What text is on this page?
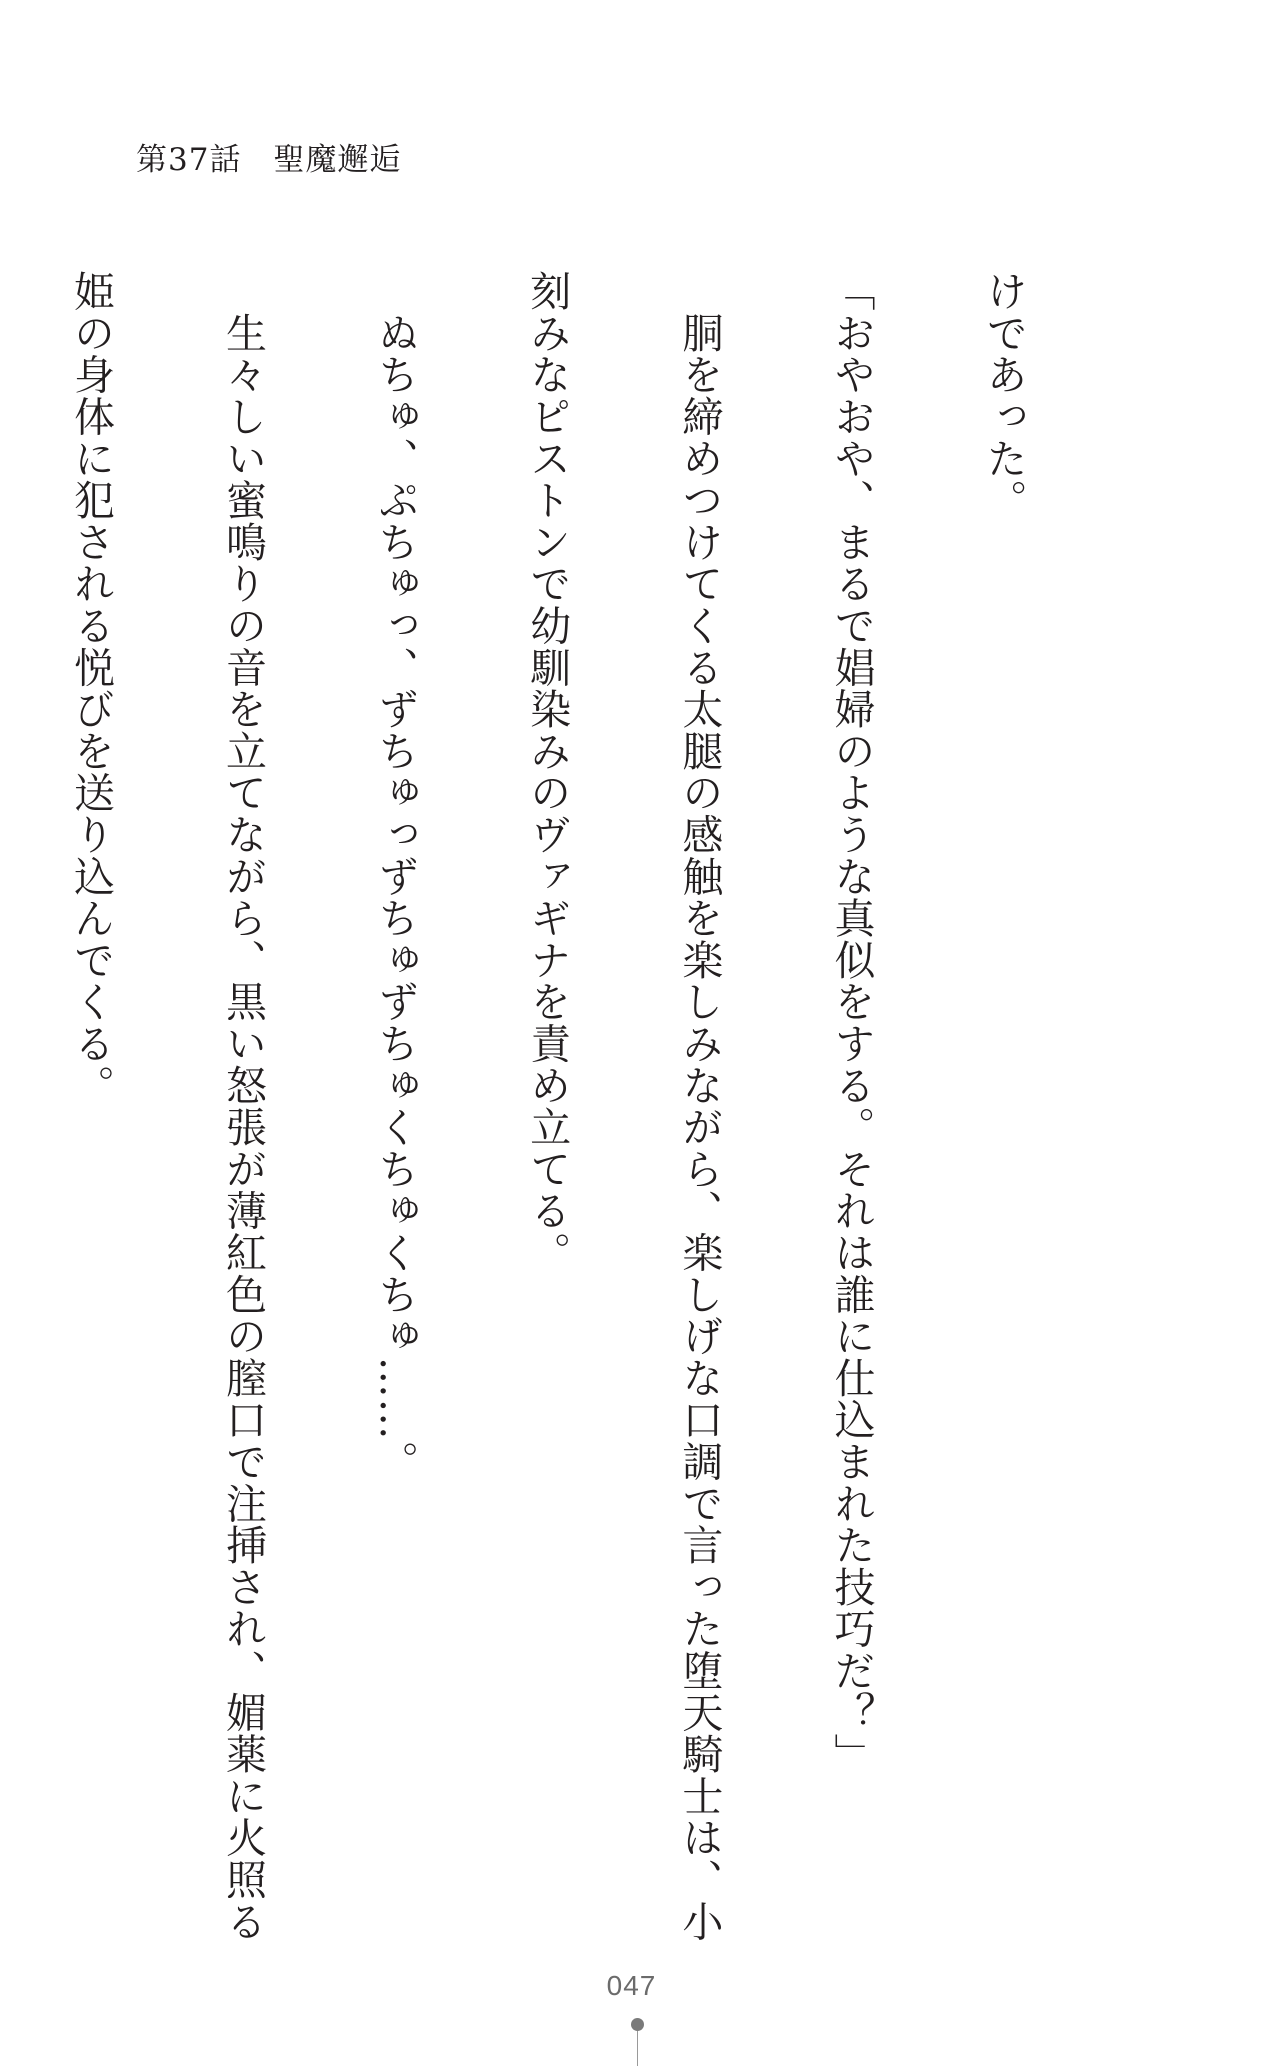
第37話　聖魔邂逅

けであった。

「おやおや、まるで娼婦のような真似をする。それは誰に仕込まれた技巧だ？」

　胴を締めつけてくる太腿の感触を楽しみながら、楽しげな口調で言った堕天騎士は、小

刻みなピストンで幼馴染みのヴァギナを責め立てる。

　ぬちゅ、ぷちゅっ、ずちゅっずちゅずちゅくちゅくちゅ……。

　生々しい蜜鳴りの音を立てながら、黒い怒張が薄紅色の膣口で注挿され、媚薬に火照る

姫の身体に犯される悦びを送り込んでくる。

047
